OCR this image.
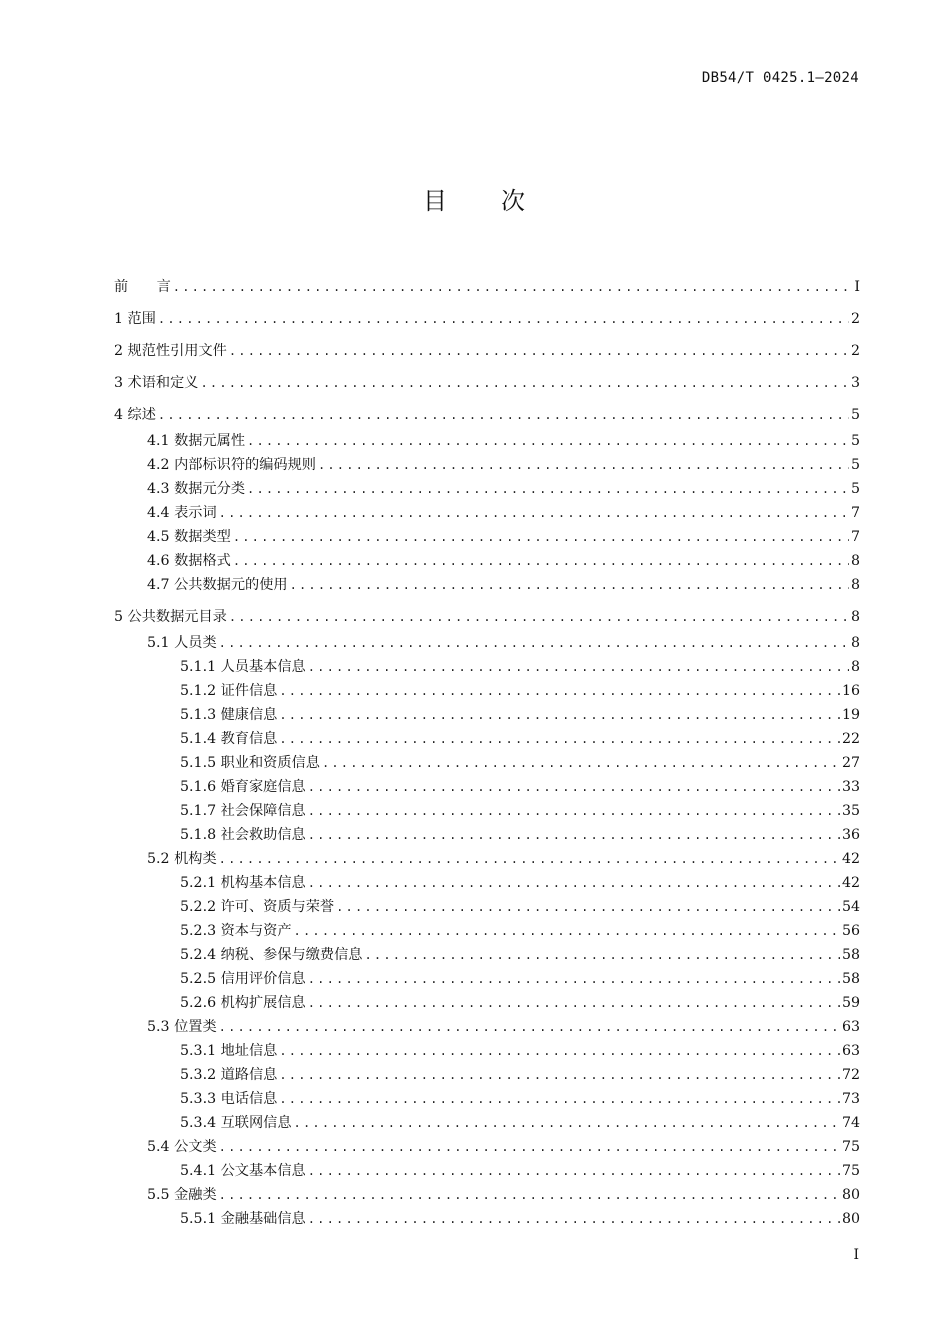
DB54/T 0425.1—2024
目 次
前　　言 .....	I
1 范围 .....	2
2 规范性引用文件 .....	2
3 术语和定义 .....	3
4 综述 .....	5
4.1 数据元属性 .....	5
4.2 内部标识符的编码规则 .....	5
4.3 数据元分类 .....	5
4.4 表示词 .....	7
4.5 数据类型 .....	7
4.6 数据格式 .....	8
4.7 公共数据元的使用 .....	8
5 公共数据元目录 .....	8
5.1 人员类 .....	8
5.1.1 人员基本信息 .....	8
5.1.2 证件信息 .....	16
5.1.3 健康信息 .....	19
5.1.4 教育信息 .....	22
5.1.5 职业和资质信息 .....	27
5.1.6 婚育家庭信息 .....	33
5.1.7 社会保障信息 .....	35
5.1.8 社会救助信息 .....	36
5.2 机构类 .....	42
5.2.1 机构基本信息 .....	42
5.2.2 许可、资质与荣誉 .....	54
5.2.3 资本与资产 .....	56
5.2.4 纳税、参保与缴费信息 .....	58
5.2.5 信用评价信息 .....	58
5.2.6 机构扩展信息 .....	59
5.3 位置类 .....	63
5.3.1 地址信息 .....	63
5.3.2 道路信息 .....	72
5.3.3 电话信息 .....	73
5.3.4 互联网信息 .....	74
5.4 公文类 .....	75
5.4.1 公文基本信息 .....	75
5.5 金融类 .....	80
5.5.1 金融基础信息 .....	80
I
